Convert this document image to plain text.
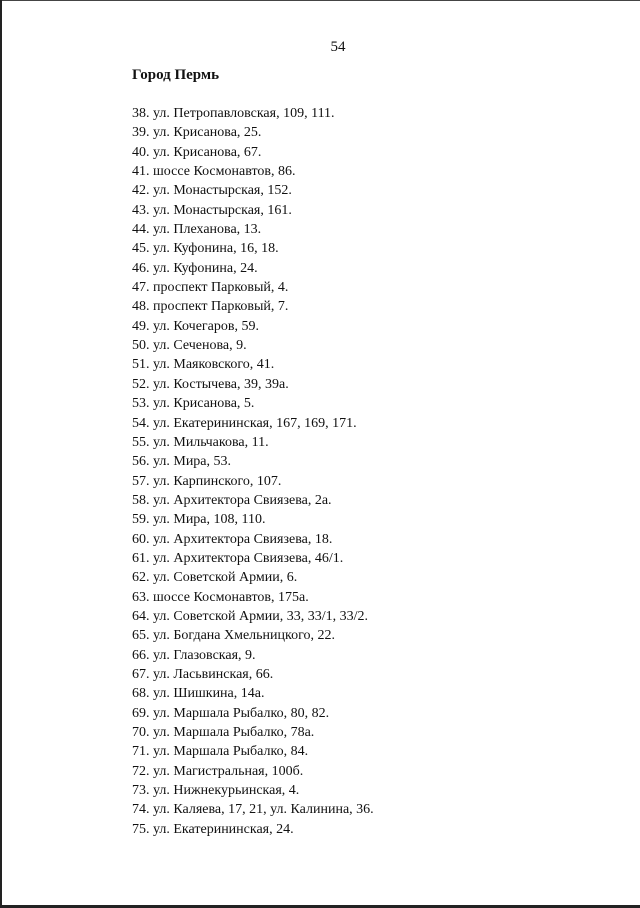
54
Город Пермь
38. ул. Петропавловская, 109, 111.
39. ул. Крисанова, 25.
40. ул. Крисанова, 67.
41. шоссе Космонавтов, 86.
42. ул. Монастырская, 152.
43. ул. Монастырская, 161.
44. ул. Плеханова, 13.
45. ул. Куфонина, 16, 18.
46. ул. Куфонина, 24.
47. проспект Парковый, 4.
48. проспект Парковый, 7.
49. ул. Кочегаров, 59.
50. ул. Сеченова, 9.
51. ул. Маяковского, 41.
52. ул. Костычева, 39, 39а.
53. ул. Крисанова, 5.
54. ул. Екатерининская, 167, 169, 171.
55. ул. Мильчакова, 11.
56. ул. Мира, 53.
57. ул. Карпинского, 107.
58. ул. Архитектора Свиязева, 2а.
59. ул. Мира, 108, 110.
60. ул. Архитектора Свиязева, 18.
61. ул. Архитектора Свиязева, 46/1.
62. ул. Советской Армии, 6.
63. шоссе Космонавтов, 175а.
64. ул. Советской Армии, 33, 33/1, 33/2.
65. ул. Богдана Хмельницкого, 22.
66. ул. Глазовская, 9.
67. ул. Ласьвинская, 66.
68. ул. Шишкина, 14а.
69. ул. Маршала Рыбалко, 80, 82.
70. ул. Маршала Рыбалко, 78а.
71. ул. Маршала Рыбалко, 84.
72. ул. Магистральная, 100б.
73. ул. Нижнекурьинская, 4.
74. ул. Каляева, 17, 21, ул. Калинина, 36.
75. ул. Екатерининская, 24.
